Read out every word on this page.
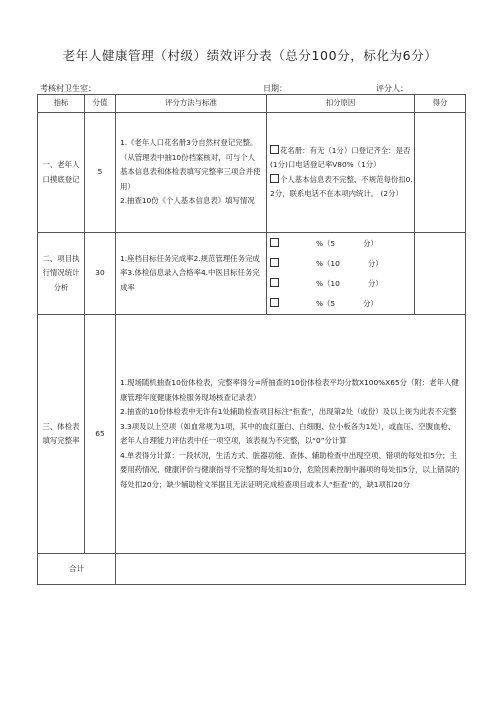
老年人健康管理（村级）绩效评分表（总分100分，标化为6分）
考核村卫生室：	日期：	评分人：
指标	分值	评分方法与标准	扣分原因	得分
一、老年人口摸底登记	5	1.《老年人口花名册3分自然村登记完整。（从管理表中抽10份档案核对，可与个人基本信息表和体检表填写完整率三项合并使用）
2.抽查10份《个人基本信息表》填写情况	花名册：有无（1分）口登记齐全：是否(1分)口电话登记率V80%（1分）
个人基本信息表不完整、不规范每份扣0.2分，联系电话不在本项内统计。 (2分）	

二、项目执行情况统计分析	30	1.座档目标任务完成率2.规范管理任务完成率3.体检信息录入合格率4.中医目标任务完成率	%（5 分）
%（10 分）
%（10 分）
%（5 分）	

三、体检表填写完整率	65	1.现场随机抽查10份体检表，完整率得分=所抽查的10份体检表平均分数X100%X65分（附：老年人健康管理年度健康体检服务现场核查记录表）
2.抽查的10份体检表中无许有1处辅助检查项目标注“拒查”，出现第2处（或份）及以上视为此表不完整
3.3项及以上空项（如血常规为1项，其中的血红蛋白、白细胞、位小板各为1处），或血压、空腹血枪、老年人自理能力评估表中任一项空项，该表视为不完整，以“0”分计算
4.单表得分计算：一段状况，生活方式、脏器功能、查体、辅助检查中出现空项、错项的每处扣5分；主要用药情况、健康评价与健康指导不完整的每处扣10分，危险因素控制中漏项的每处扣5分，以上错误的每处扣20分；缺少辅助检文举据且无法证明完成检查项目或本人“拒查''的，缺1项扣20分		

合计				
